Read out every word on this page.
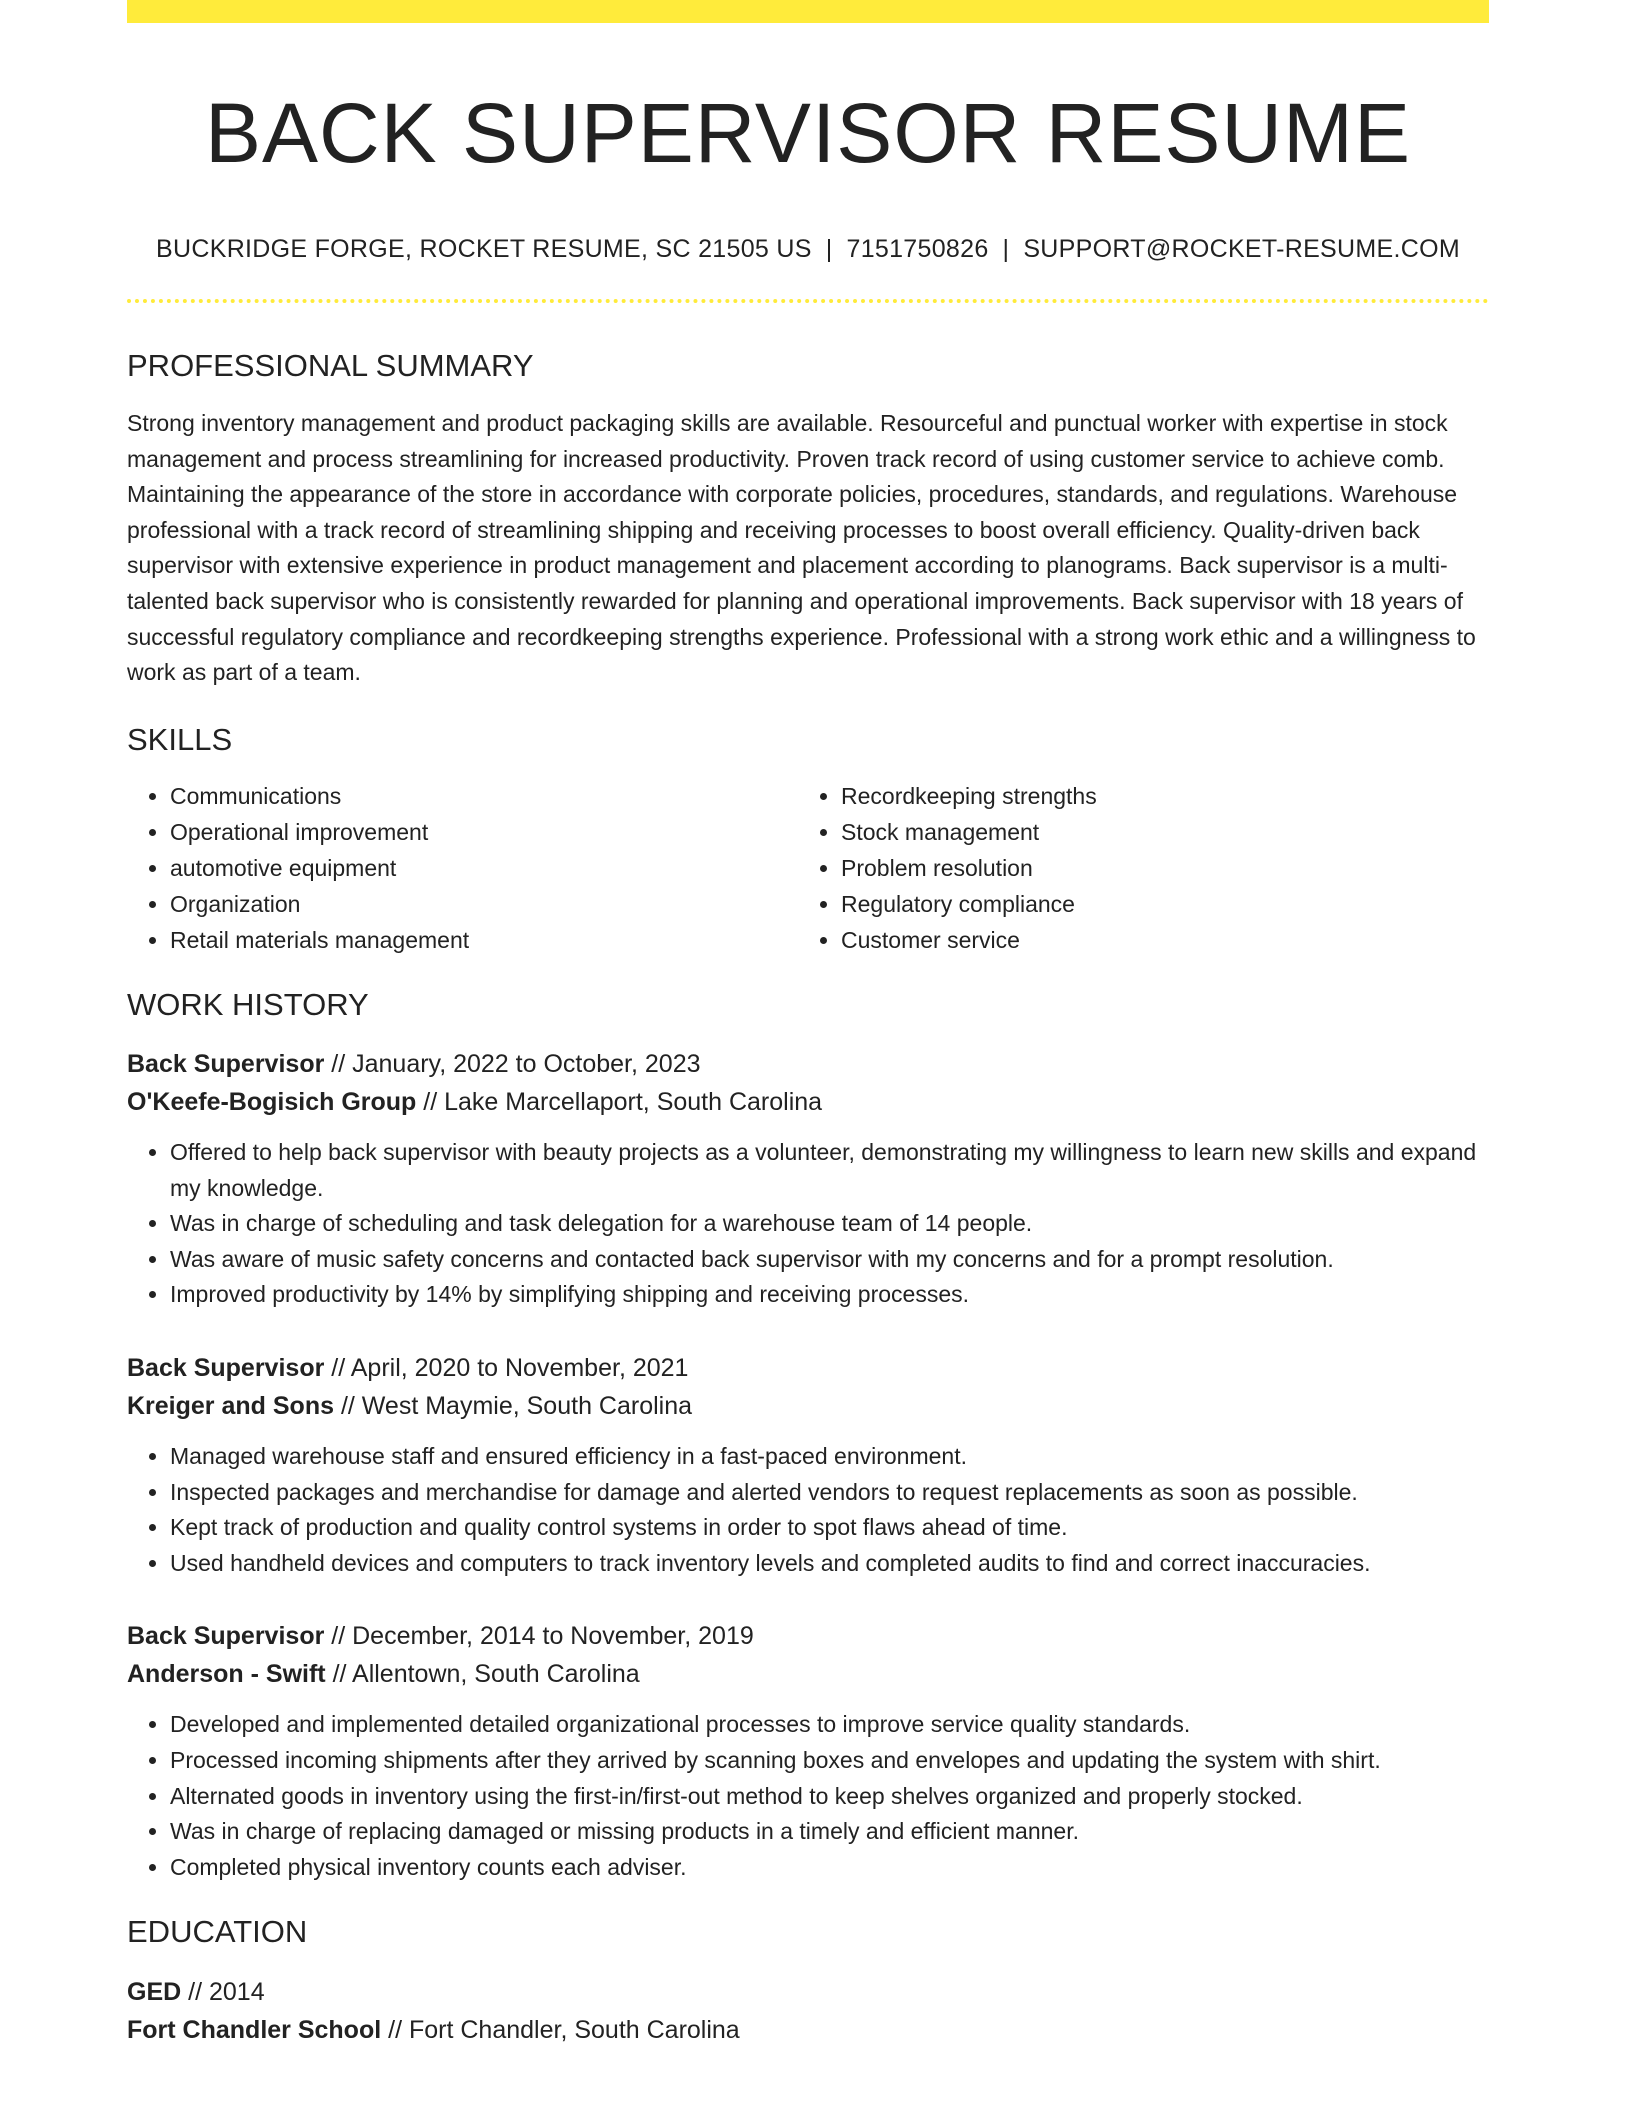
BACK SUPERVISOR RESUME
BUCKRIDGE FORGE, ROCKET RESUME, SC 21505 US | 7151750826 | SUPPORT@ROCKET-RESUME.COM
PROFESSIONAL SUMMARY

Strong inventory management and product packaging skills are available. Resourceful and punctual worker with expertise in stock management and process streamlining for increased productivity. Proven track record of using customer service to achieve comb. Maintaining the appearance of the store in accordance with corporate policies, procedures, standards, and regulations. Warehouse professional with a track record of streamlining shipping and receiving processes to boost overall efficiency. Quality-driven back supervisor with extensive experience in product management and placement according to planograms. Back supervisor is a multi-talented back supervisor who is consistently rewarded for planning and operational improvements. Back supervisor with 18 years of successful regulatory compliance and recordkeeping strengths experience. Professional with a strong work ethic and a willingness to work as part of a team.

SKILLS
• Communications
• Operational improvement
• automotive equipment
• Organization
• Retail materials management
• Recordkeeping strengths
• Stock management
• Problem resolution
• Regulatory compliance
• Customer service
WORK HISTORY
Back Supervisor // January, 2022 to October, 2023
O'Keefe-Bogisich Group // Lake Marcellaport, South Carolina
• Offered to help back supervisor with beauty projects as a volunteer, demonstrating my willingness to learn new skills and expand my knowledge.
• Was in charge of scheduling and task delegation for a warehouse team of 14 people.
• Was aware of music safety concerns and contacted back supervisor with my concerns and for a prompt resolution.
• Improved productivity by 14% by simplifying shipping and receiving processes.
Back Supervisor // April, 2020 to November, 2021
Kreiger and Sons // West Maymie, South Carolina
• Managed warehouse staff and ensured efficiency in a fast-paced environment.
• Inspected packages and merchandise for damage and alerted vendors to request replacements as soon as possible.
• Kept track of production and quality control systems in order to spot flaws ahead of time.
• Used handheld devices and computers to track inventory levels and completed audits to find and correct inaccuracies.
Back Supervisor // December, 2014 to November, 2019
Anderson - Swift // Allentown, South Carolina
• Developed and implemented detailed organizational processes to improve service quality standards.
• Processed incoming shipments after they arrived by scanning boxes and envelopes and updating the system with shirt.
• Alternated goods in inventory using the first-in/first-out method to keep shelves organized and properly stocked.
• Was in charge of replacing damaged or missing products in a timely and efficient manner.
• Completed physical inventory counts each adviser.
EDUCATION
GED // 2014
Fort Chandler School // Fort Chandler, South Carolina
